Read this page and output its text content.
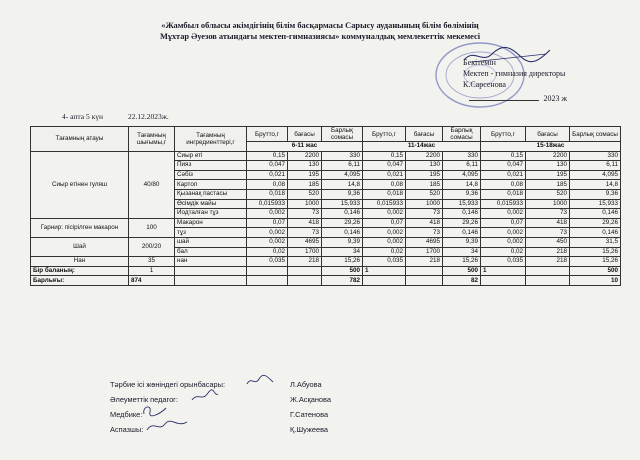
«Жамбыл облысы әкімдігінің білім басқармасы Сарысу ауданының білім бөлімінің
Мұхтар Әуезов атындағы мектеп-гимназиясы» коммуналдық мемлекеттік мекемесі
Бекітемін
Мектеп - гимназия директоры
К.Сарсенова
2023 ж
4- апта 5 күн	22.12.2023ж.
Тағамның атауы	Тағамның шығымы,г	Тағамның ингредиенттері,г	Брутто,г	бағасы	Барлық сомасы	Брутто,г	бағасы	Барлық сомасы	Брутто,г	бағасы	Барлық сомасы
			6-11 жас			11-14жас			15-18жас		
Сиыр етінен гуляш	40/80	Сиыр еті	0,15	2200	330	0,15	2200	330	0,15	2200	330
		Пияз	0,047	130	6,11	0,047	130	6,11	0,047	130	6,11
		Сәбіз	0,021	195	4,095	0,021	195	4,095	0,021	195	4,095
		Картоп	0,08	185	14,8	0,08	185	14,8	0,08	185	14,8
		Қызанақ пастасы	0,018	520	9,36	0,018	520	9,36	0,018	520	9,36
		Өсімдік майы	0,015933	1000	15,933	0,015933	1000	15,933	0,015933	1000	15,933
		Йодталған тұз	0,002	73	0,146	0,002	73	0,146	0,002	73	0,146
Гарнир: пісірілген макарон	100	Макарон	0,07	418	29,26	0,07	418	29,26	0,07	418	29,26
		тұз	0,002	73	0,146	0,002	73	0,146	0,002	73	0,146
Шай	200/20	шай	0,002	4695	9,39	0,002	4695	9,39	0,002	450	31,5
		бал	0,02	1700	34	0,02	1700	34	0,02	218	15,26
Нан	35	нан	0,035	218	15,26	0,035	218	15,26	0,035	218	15,26
Бір баланың:	1				500	1		500	1		500
Барлығы:	874				782			82			10
Тәрбие ісі жөніндегі орынбасары:	Л.Абуова
Әлеуметтік педагог:	Ж.Асқанова
Медбике:	Г.Сатенова
Аспазшы:	Қ.Шужеева
